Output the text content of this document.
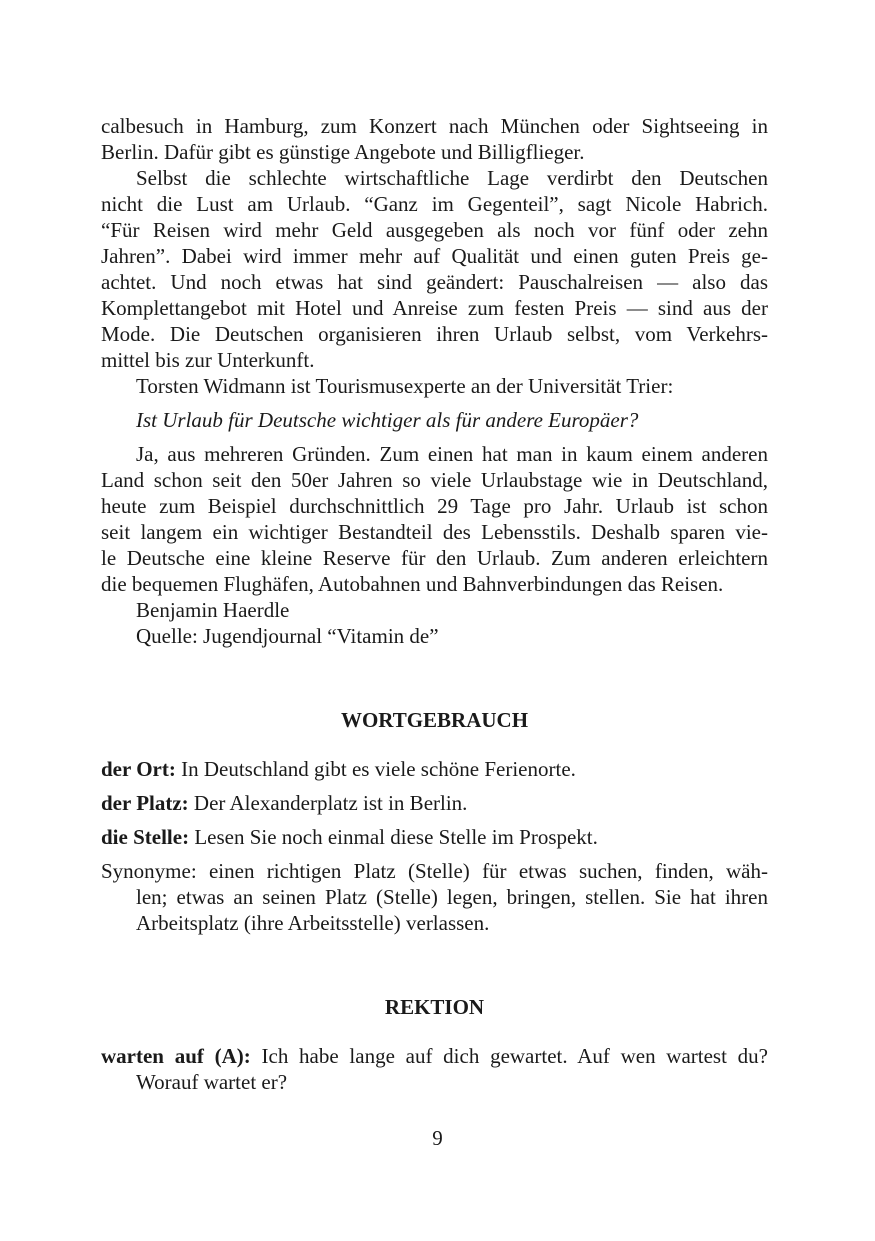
calbesuch in Hamburg, zum Konzert nach München oder Sightseeing in
Berlin. Dafür gibt es günstige Angebote und Billigflieger.
Selbst die schlechte wirtschaftliche Lage verdirbt den Deutschen
nicht die Lust am Urlaub. “Ganz im Gegenteil”, sagt Nicole Habrich.
“Für Reisen wird mehr Geld ausgegeben als noch vor fünf oder zehn
Jahren”. Dabei wird immer mehr auf Qualität und einen guten Preis ge-
achtet. Und noch etwas hat sind geändert: Pauschalreisen — also das
Komplettangebot mit Hotel und Anreise zum festen Preis — sind aus der
Mode. Die Deutschen organisieren ihren Urlaub selbst, vom Verkehrs-
mittel bis zur Unterkunft.
Torsten Widmann ist Tourismusexperte an der Universität Trier:
Ist Urlaub für Deutsche wichtiger als für andere Europäer?
Ja, aus mehreren Gründen. Zum einen hat man in kaum einem anderen
Land schon seit den 50er Jahren so viele Urlaubstage wie in Deutschland,
heute zum Beispiel durchschnittlich 29 Tage pro Jahr. Urlaub ist schon
seit langem ein wichtiger Bestandteil des Lebensstils. Deshalb sparen vie-
le Deutsche eine kleine Reserve für den Urlaub. Zum anderen erleichtern
die bequemen Flughäfen, Autobahnen und Bahnverbindungen das Reisen.
Benjamin Haerdle
Quelle: Jugendjournal “Vitamin de”
WORTGEBRAUCH
der Ort: In Deutschland gibt es viele schöne Ferienorte.
der Platz: Der Alexanderplatz ist in Berlin.
die Stelle: Lesen Sie noch einmal diese Stelle im Prospekt.
Synonyme: einen richtigen Platz (Stelle) für etwas suchen, finden, wäh-
len; etwas an seinen Platz (Stelle) legen, bringen, stellen. Sie hat ihren
Arbeitsplatz (ihre Arbeitsstelle) verlassen.
REKTION
warten auf (A): Ich habe lange auf dich gewartet. Auf wen wartest du?
Worauf wartet er?
9
